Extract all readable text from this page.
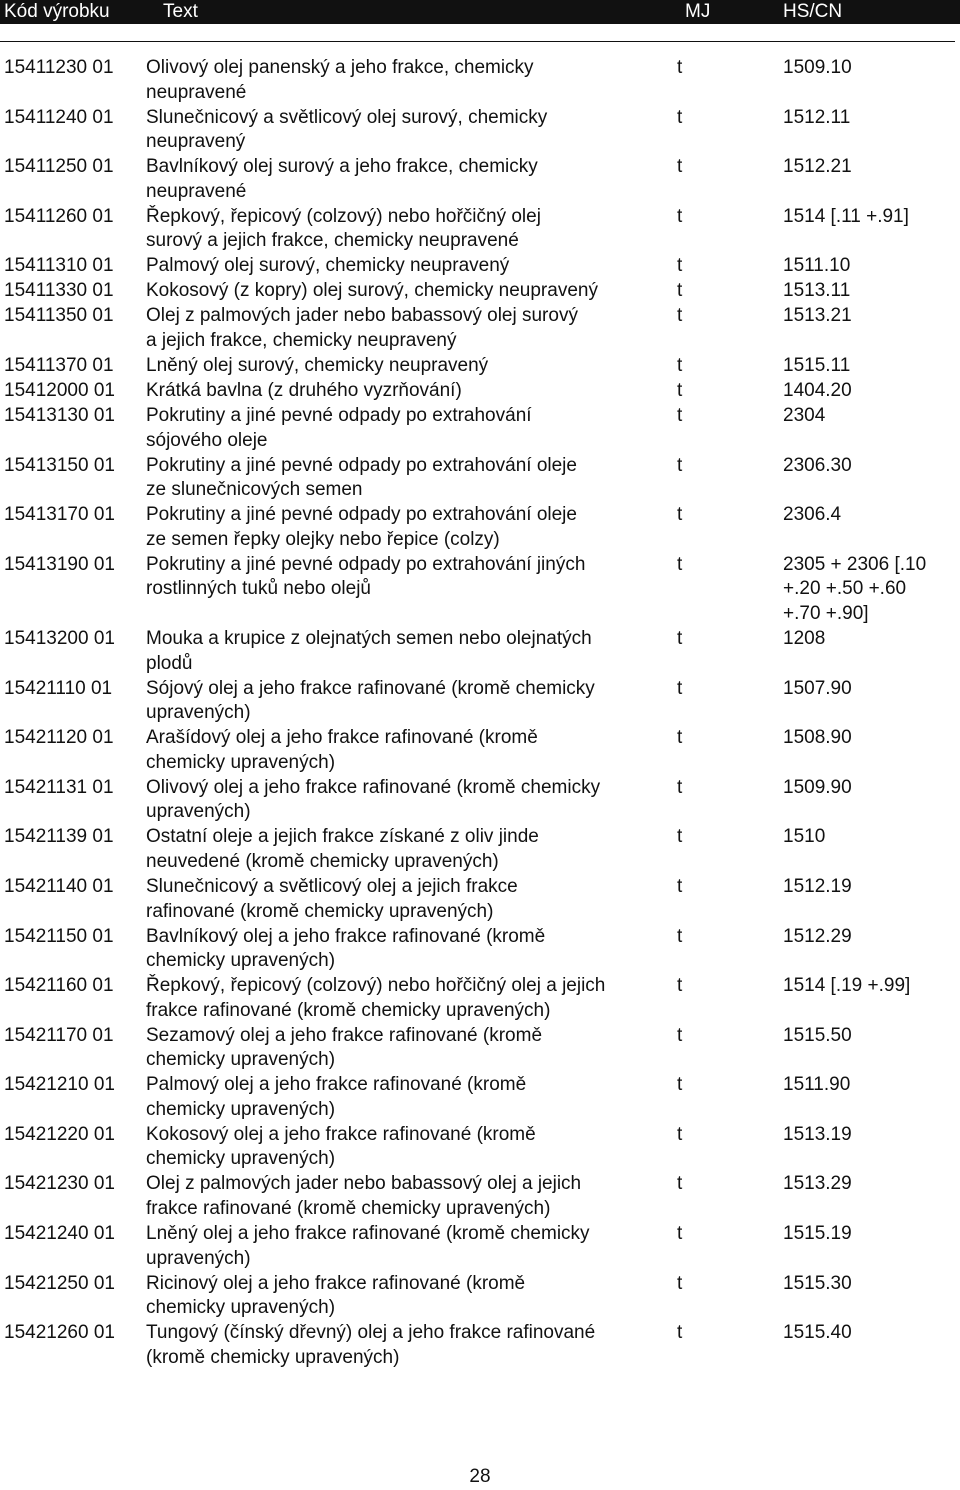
Kód výrobku	Text	MJ	HS/CN
15411230 01	Olivový olej panenský a jeho frakce, chemicky
neupravené
t	1509.10
15411240 01	Slunečnicový a světlicový olej surový, chemicky
neupravený
t	1512.11
15411250 01	Bavlníkový olej surový a jeho frakce, chemicky
neupravené
t	1512.21
15411260 01	Řepkový, řepicový (colzový) nebo hořčičný olej
surový a jejich frakce, chemicky neupravené
t	1514 [.11 +.91]
15411310 01	Palmový olej surový, chemicky neupravený	t	1511.10
15411330 01	Kokosový (z kopry) olej surový, chemicky neupravený	t	1513.11
15411350 01	Olej z palmových jader nebo babassový olej surový
a jejich frakce, chemicky neupravený
t	1513.21
15411370 01	Lněný olej surový, chemicky neupravený	t	1515.11
15412000 01	Krátká bavlna (z druhého vyzrňování)	t	1404.20
15413130 01	Pokrutiny a jiné pevné odpady po extrahování
sójového oleje
t	2304
15413150 01	Pokrutiny a jiné pevné odpady po extrahování oleje
ze slunečnicových semen
t	2306.30
15413170 01	Pokrutiny a jiné pevné odpady po extrahování oleje
ze semen řepky olejky nebo řepice (colzy)
t	2306.4
15413190 01	Pokrutiny a jiné pevné odpady po extrahování jiných
rostlinných tuků nebo olejů
t	2305 + 2306 [.10
+.20 +.50 +.60
+.70 +.90]
15413200 01	Mouka a krupice z olejnatých semen nebo olejnatých
plodů
t	1208
15421110 01	Sójový olej a jeho frakce rafinované (kromě chemicky
upravených)
t	1507.90
15421120 01	Arašídový olej a jeho frakce rafinované (kromě
chemicky upravených)
t	1508.90
15421131 01	Olivový olej a jeho frakce rafinované (kromě chemicky
upravených)
t	1509.90
15421139 01	Ostatní oleje a jejich frakce získané z oliv jinde
neuvedené (kromě chemicky upravených)
t	1510
15421140 01	Slunečnicový a světlicový olej a jejich frakce
rafinované (kromě chemicky upravených)
t	1512.19
15421150 01	Bavlníkový olej a jeho frakce rafinované (kromě
chemicky upravených)
t	1512.29
15421160 01	Řepkový, řepicový (colzový) nebo hořčičný olej a jejich
frakce rafinované (kromě chemicky upravených)
t	1514 [.19 +.99]
15421170 01	Sezamový olej a jeho frakce rafinované (kromě
chemicky upravených)
t	1515.50
15421210 01	Palmový olej a jeho frakce rafinované (kromě
chemicky upravených)
t	1511.90
15421220 01	Kokosový olej a jeho frakce rafinované (kromě
chemicky upravených)
t	1513.19
15421230 01	Olej z palmových jader nebo babassový olej a jejich
frakce rafinované (kromě chemicky upravených)
t	1513.29
15421240 01	Lněný olej a jeho frakce rafinované (kromě chemicky
upravených)
t	1515.19
15421250 01	Ricinový olej a jeho frakce rafinované (kromě
chemicky upravených)
t	1515.30
15421260 01	Tungový (čínský dřevný) olej a jeho frakce rafinované
(kromě chemicky upravených)
t	1515.40
28
